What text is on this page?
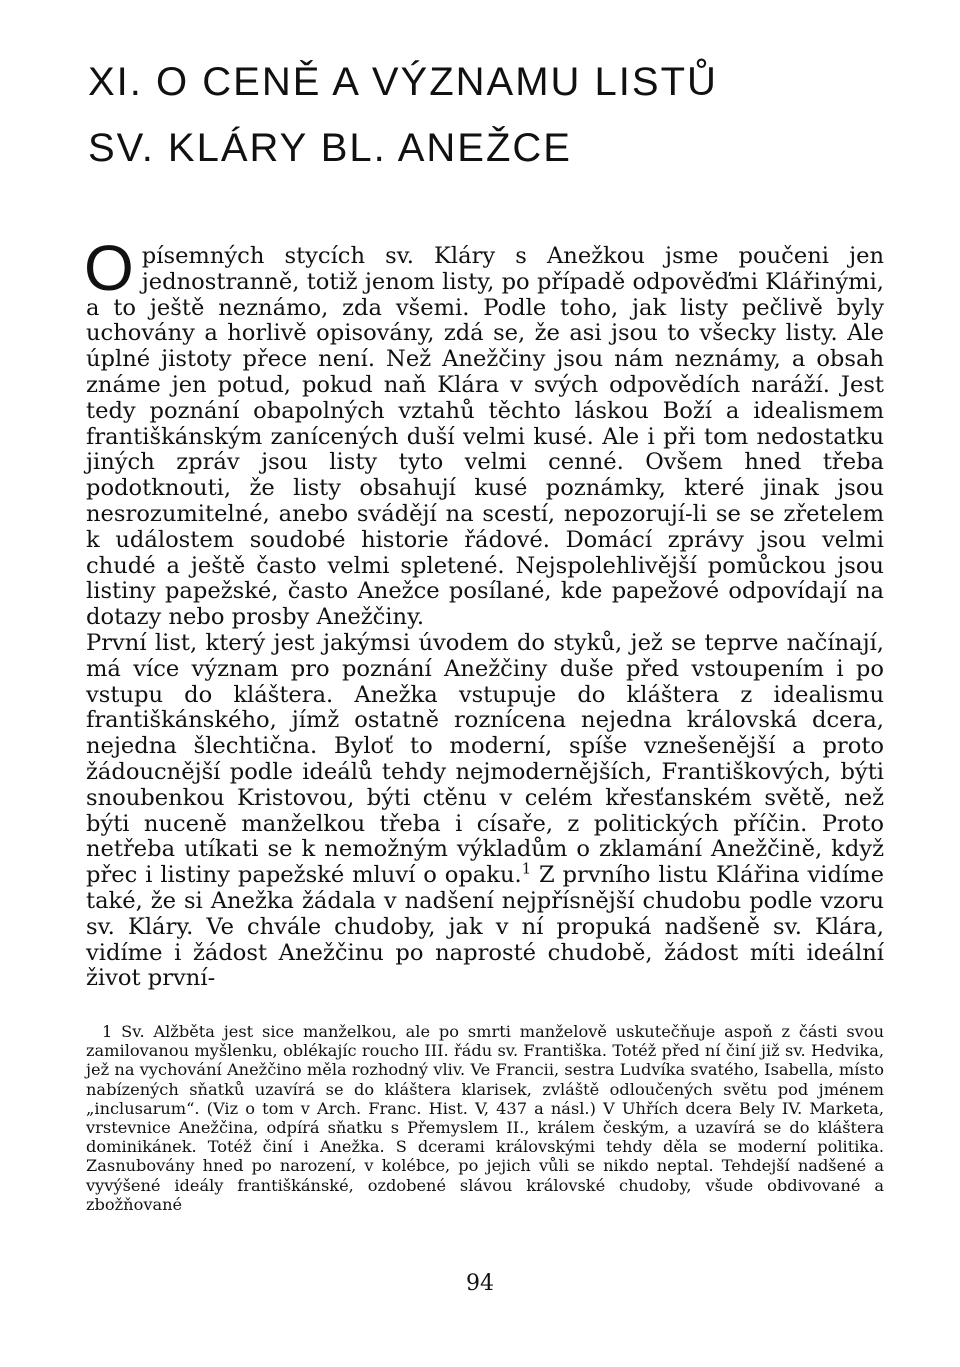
XI. O CENĚ A VÝZNAMU LISTŮ
SV. KLÁRY BL. ANEŽCE

Opísemných stycích sv. Kláry s Anežkou jsme poučeni jen jednostranně, totiž jenom listy, po případě odpověďmi Klářinými, a to ještě neznámo, zda všemi. Podle toho, jak listy pečlivě byly uchovány a horlivě opisovány, zdá se, že asi jsou to všecky listy. Ale úplné jistoty přece není. Než Anežčiny jsou nám neznámy, a obsah známe jen potud, pokud naň Klára v svých odpovědích naráží. Jest tedy poznání obapolných vztahů těchto láskou Boží a idealismem františkánským zanícených duší velmi kusé. Ale i při tom nedostatku jiných zpráv jsou listy tyto velmi cenné. Ovšem hned třeba podotknouti, že listy obsahují kusé poznámky, které jinak jsou nesrozumitelné, anebo svádějí na scestí, nepozorují-li se se zřetelem k událostem soudobé historie řádové. Domácí zprávy jsou velmi chudé a ještě často velmi spletené. Nejspolehlivější pomůckou jsou listiny papežské, často Anežce posílané, kde papežové odpovídají na dotazy nebo prosby Anežčiny.

První list, který jest jakýmsi úvodem do styků, jež se teprve načínají, má více význam pro poznání Anežčiny duše před vstoupením i po vstupu do kláštera. Anežka vstupuje do kláštera z idealismu františkánského, jímž ostatně roznícena nejedna královská dcera, nejedna šlechtična. Byloť to moderní, spíše vznešenější a proto žádoucnější podle ideálů tehdy nejmodernějších, Františkových, býti snoubenkou Kristovou, býti ctěnu v celém křesťanském světě, než býti nuceně manželkou třeba i císaře, z politických příčin. Proto netřeba utíkati se k nemožným výkladům o zklamání Anežčině, když přec i listiny papežské mluví o opaku.$^1$ Z prvního listu Klářina vidíme také, že si Anežka žádala v nadšení nejpřísnější chudobu podle vzoru sv. Kláry. Ve chvále chudoby, jak v ní propuká nadšeně sv. Klára, vidíme i žádost Anežčinu po naprosté chudobě, žádost míti ideální život první-

1 Sv. Alžběta jest sice manželkou, ale po smrti manželově uskutečňuje aspoň z části svou zamilovanou myšlenku, oblékajíc roucho III. řádu sv. Františka. Totéž před ní činí již sv. Hedvika, jež na vychování Anežčino měla rozhodný vliv. Ve Francii, sestra Ludvíka svatého, Isabella, místo nabízených sňatků uzavírá se do kláštera klarisek, zvláště odloučených světu pod jménem „inclusarum“. (Viz o tom v Arch. Franc. Hist. V, 437 a násl.) V Uhřích dcera Bely IV. Marketa, vrstevnice Anežčina, odpírá sňatku s Přemyslem II., králem českým, a uzavírá se do kláštera dominikánek. Totéž činí i Anežka. S dcerami královskými tehdy děla se moderní politika. Zasnubovány hned po narození, v kolébce, po jejich vůli se nikdo neptal. Tehdejší nadšené a vyvýšené ideály františkánské, ozdobené slávou královské chudoby, všude obdivované a zbožňované

94
